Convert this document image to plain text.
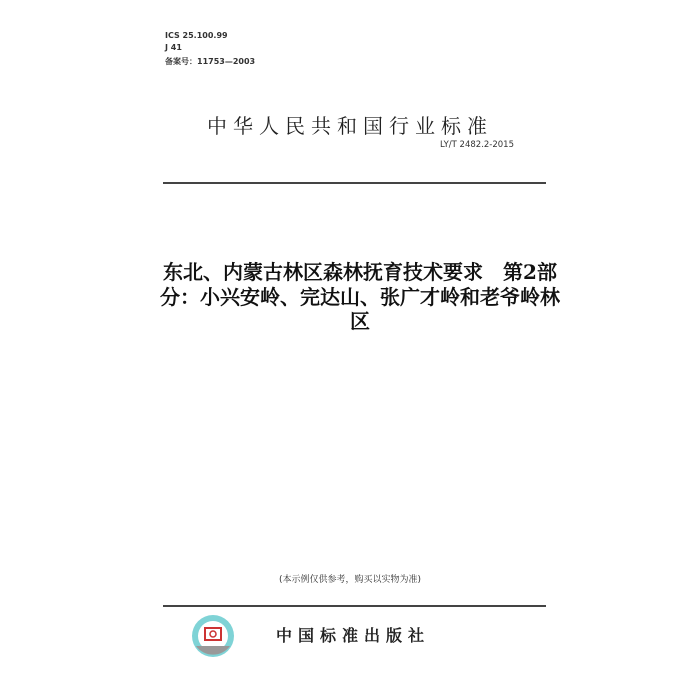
ICS 25.100.99
J 41
备案号：11753—2003
中华人民共和国行业标准
LY/T 2482.2-2015
东北、内蒙古林区森林抚育技术要求　第2部
分：小兴安岭、完达山、张广才岭和老爷岭林
区
(本示例仅供参考，购买以实物为准)
中国标准出版社
